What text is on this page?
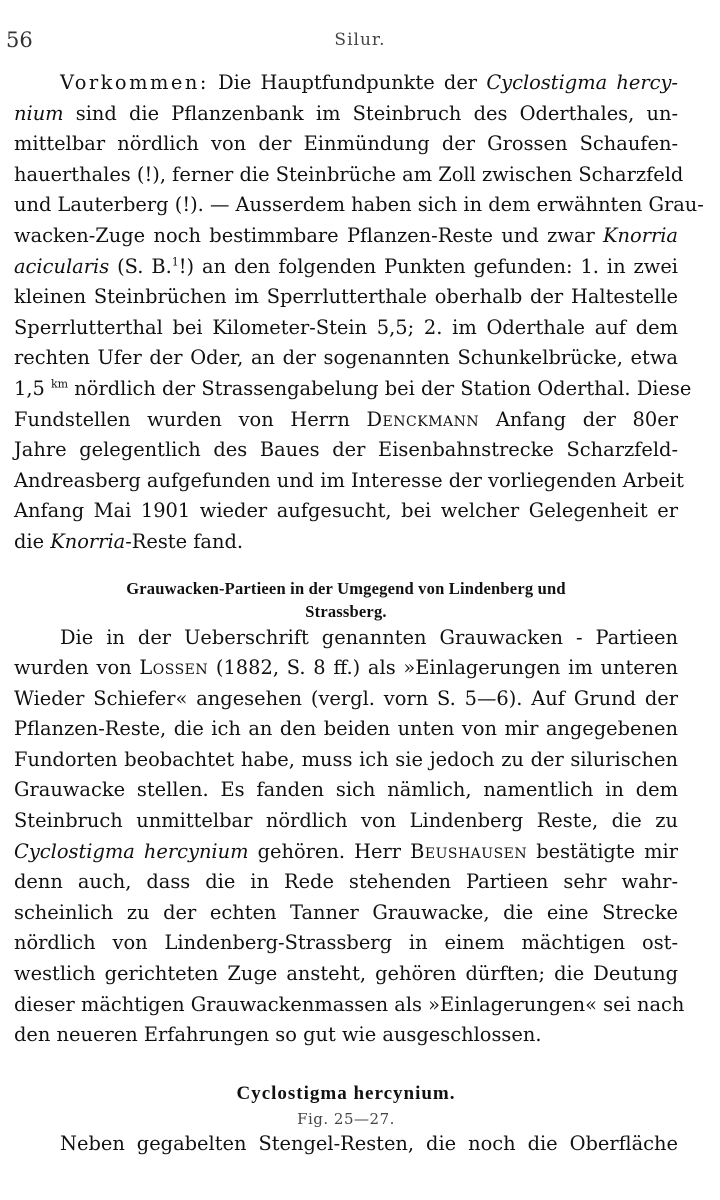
56	Silur.
Vorkommen: Die Hauptfundpunkte der Cyclostigma hercy-
nium sind die Pflanzenbank im Steinbruch des Oderthales, un-
mittelbar nördlich von der Einmündung der Grossen Schaufen-
hauerthales (!), ferner die Steinbrüche am Zoll zwischen Scharzfeld
und Lauterberg (!). — Ausserdem haben sich in dem erwähnten Grau-
wacken-Zuge noch bestimmbare Pflanzen-Reste und zwar Knorria
acicularis (S. B.$^1$!) an den folgenden Punkten gefunden: 1. in zwei
kleinen Steinbrüchen im Sperrlutterthale oberhalb der Haltestelle
Sperrlutterthal bei Kilometer-Stein 5,5; 2. im Oderthale auf dem
rechten Ufer der Oder, an der sogenannten Schunkelbrücke, etwa
1,5 $^{km}$ nördlich der Strassengabelung bei der Station Oderthal. Diese
Fundstellen wurden von Herrn Denckmann Anfang der 80er
Jahre gelegentlich des Baues der Eisenbahnstrecke Scharzfeld-
Andreasberg aufgefunden und im Interesse der vorliegenden Arbeit
Anfang Mai 1901 wieder aufgesucht, bei welcher Gelegenheit er
die Knorria-Reste fand.
Grauwacken-Partieen in der Umgegend von Lindenberg und
Strassberg.
Die in der Ueberschrift genannten Grauwacken - Partieen
wurden von Lossen (1882, S. 8 ff.) als »Einlagerungen im unteren
Wieder Schiefer« angesehen (vergl. vorn S. 5—6). Auf Grund der
Pflanzen-Reste, die ich an den beiden unten von mir angegebenen
Fundorten beobachtet habe, muss ich sie jedoch zu der silurischen
Grauwacke stellen. Es fanden sich nämlich, namentlich in dem
Steinbruch unmittelbar nördlich von Lindenberg Reste, die zu
Cyclostigma hercynium gehören. Herr Beushausen bestätigte mir
denn auch, dass die in Rede stehenden Partieen sehr wahr-
scheinlich zu der echten Tanner Grauwacke, die eine Strecke
nördlich von Lindenberg-Strassberg in einem mächtigen ost-
westlich gerichteten Zuge ansteht, gehören dürften; die Deutung
dieser mächtigen Grauwackenmassen als »Einlagerungen« sei nach
den neueren Erfahrungen so gut wie ausgeschlossen.
Cyclostigma hercynium.
Fig. 25—27.
Neben gegabelten Stengel-Resten, die noch die Oberfläche
